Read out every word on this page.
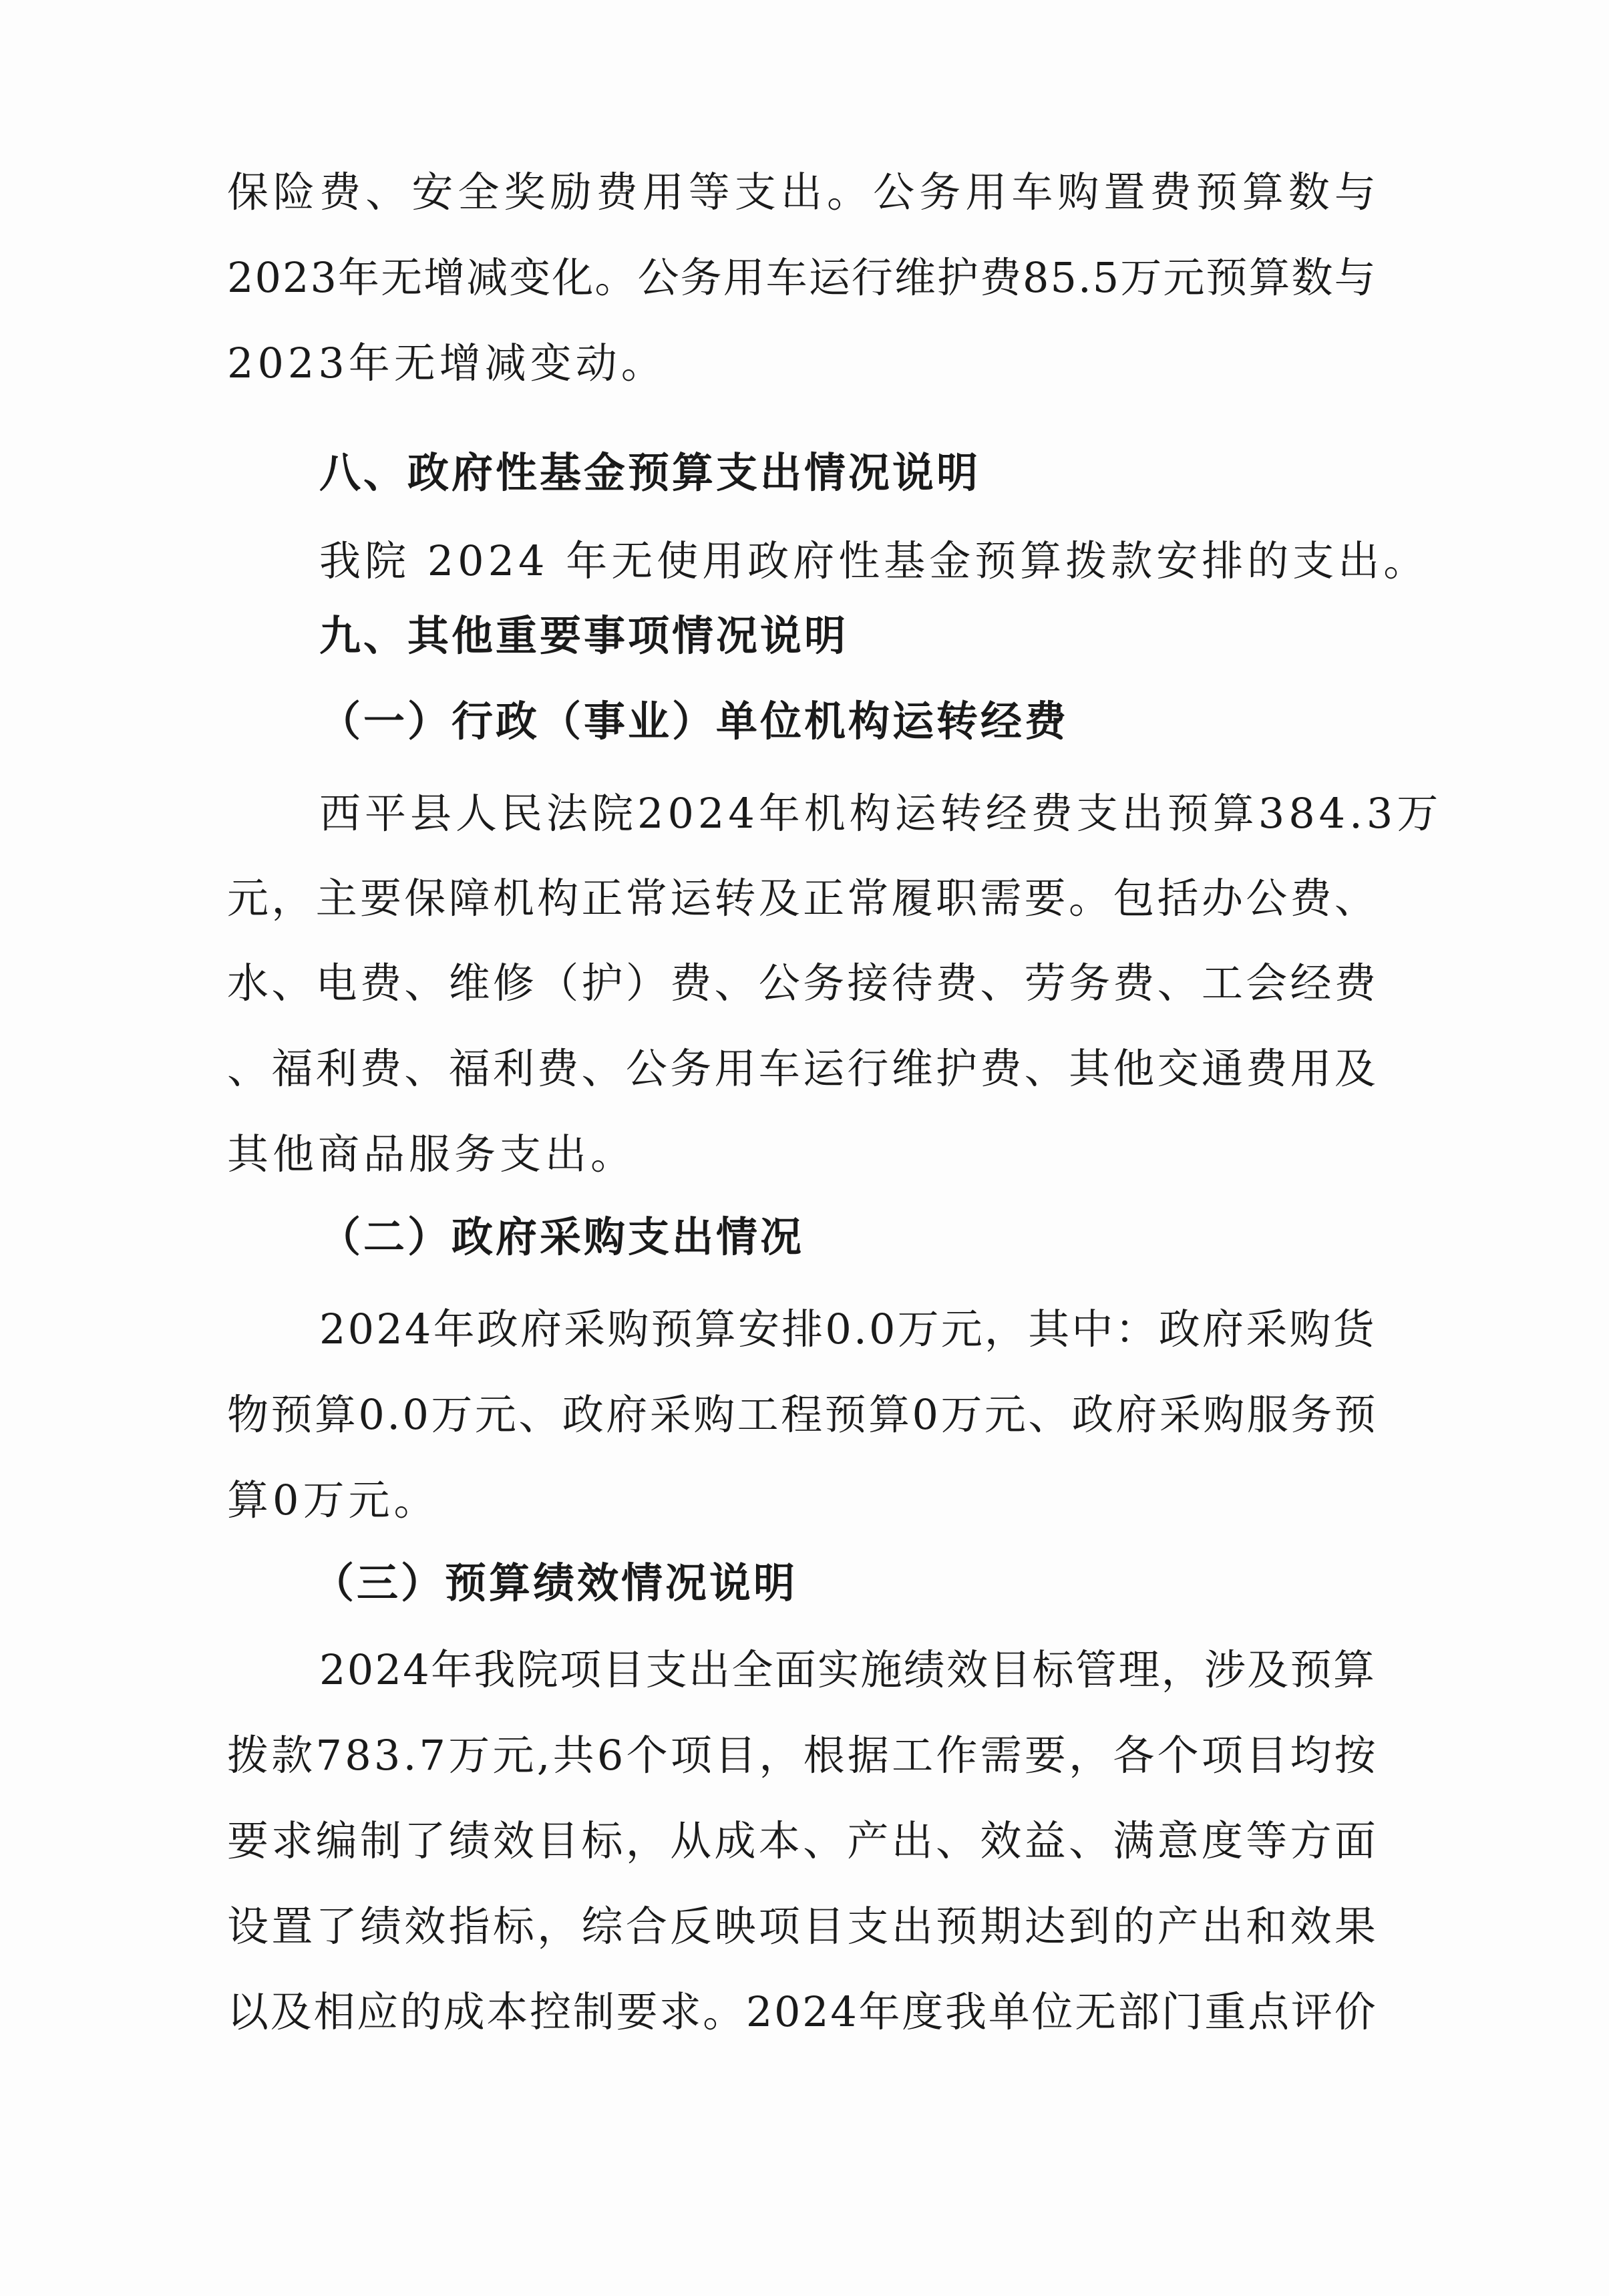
保 险 费 、 安 全 奖 励 费 用 等 支 出 。 公 务 用 车 购 置 费 预 算 数 与
2 0 2 3 年 无 增 减 变 化 。 公 务 用 车 运 行 维 护 费 8 5 . 5 万 元 预 算 数 与
2023年无增减变动。
八、政府性基金预算支出情况说明
我院 2024 年无使用政府性基金预算拨款安排的支出。
九、其他重要事项情况说明
（一）行政（事业）单位机构运转经费
西平县人民法院2024年机构运转经费支出预算384.3万
元 ， 主 要 保 障 机 构 正 常 运 转 及 正 常 履 职 需 要 。 包 括 办 公 费 、
水 、 电 费 、 维 修 （ 护 ） 费 、 公 务 接 待 费 、 劳 务 费 、 工 会 经 费
、 福 利 费 、 福 利 费 、 公 务 用 车 运 行 维 护 费 、 其 他 交 通 费 用 及
其他商品服务支出。
（二）政府采购支出情况
2 0 2 4 年 政 府 采 购 预 算 安 排 0 . 0 万 元 ， 其 中 ： 政 府 采 购 货
物 预 算 0 . 0 万 元 、 政 府 采 购 工 程 预 算 0 万 元 、 政 府 采 购 服 务 预
算0万元。
（三）预算绩效情况说明
2 0 2 4 年 我 院 项 目 支 出 全 面 实 施 绩 效 目 标 管 理 ， 涉 及 预 算
拨 款 7 8 3 . 7 万 元 , 共 6 个 项 目 ， 根 据 工 作 需 要 ， 各 个 项 目 均 按
要 求 编 制 了 绩 效 目 标 ， 从 成 本 、 产 出 、 效 益 、 满 意 度 等 方 面
设 置 了 绩 效 指 标 ， 综 合 反 映 项 目 支 出 预 期 达 到 的 产 出 和 效 果
以 及 相 应 的 成 本 控 制 要 求 。 2 0 2 4 年 度 我 单 位 无 部 门 重 点 评 价
